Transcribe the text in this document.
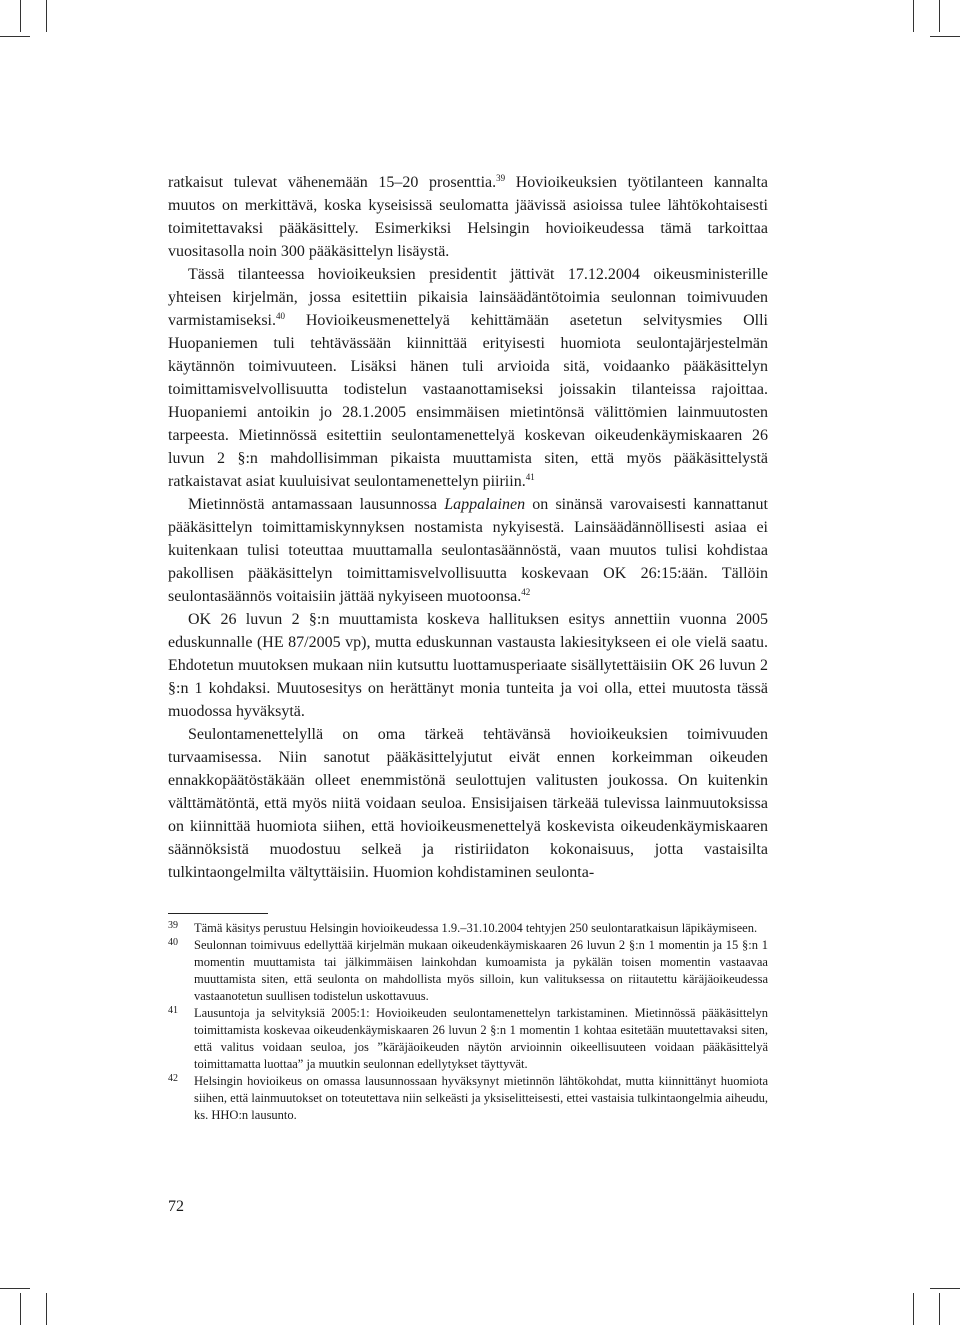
ratkaisut tulevat vähenemään 15–20 prosenttia.$^{39}$ Hovioikeuksien työtilanteen kannalta muutos on merkittävä, koska kyseisissä seulomatta jäävissä asioissa tulee lähtökohtaisesti toimitettavaksi pääkäsittely. Esimerkiksi Helsingin hovioikeudessa tämä tarkoittaa vuositasolla noin 300 pääkäsittelyn lisäystä.

Tässä tilanteessa hovioikeuksien presidentit jättivät 17.12.2004 oikeusministerille yhteisen kirjelmän, jossa esitettiin pikaisia lainsäädäntötoimia seulonnan toimivuuden varmistamiseksi.$^{40}$ Hovioikeusmenettelyä kehittämään asetetun selvitysmies Olli Huopaniemen tuli tehtävässään kiinnittää erityisesti huomiota seulontajärjestelmän käytännön toimivuuteen. Lisäksi hänen tuli arvioida sitä, voidaanko pääkäsittelyn toimittamisvelvollisuutta todistelun vastaanottamiseksi joissakin tilanteissa rajoittaa. Huopaniemi antoikin jo 28.1.2005 ensimmäisen mietintönsä välittömien lainmuutosten tarpeesta. Mietinnössä esitettiin seulontamenettelyä koskevan oikeudenkäymiskaaren 26 luvun 2 §:n mahdollisimman pikaista muuttamista siten, että myös pääkäsittelystä ratkaistavat asiat kuuluisivat seulontamenettelyn piiriin.$^{41}$

Mietinnöstä antamassaan lausunnossa Lappalainen on sinänsä varovaisesti kannattanut pääkäsittelyn toimittamiskynnyksen nostamista nykyisestä. Lainsäädännöllisesti asiaa ei kuitenkaan tulisi toteuttaa muuttamalla seulontasäännöstä, vaan muutos tulisi kohdistaa pakollisen pääkäsittelyn toimittamisvelvollisuutta koskevaan OK 26:15:ään. Tällöin seulontasäännös voitaisiin jättää nykyiseen muotoonsa.$^{42}$

OK 26 luvun 2 §:n muuttamista koskeva hallituksen esitys annettiin vuonna 2005 eduskunnalle (HE 87/2005 vp), mutta eduskunnan vastausta lakiesitykseen ei ole vielä saatu. Ehdotetun muutoksen mukaan niin kutsuttu luottamusperiaate sisällytettäisiin OK 26 luvun 2 §:n 1 kohdaksi. Muutosesitys on herättänyt monia tunteita ja voi olla, ettei muutosta tässä muodossa hyväksytä.

Seulontamenettelyllä on oma tärkeä tehtävänsä hovioikeuksien toimivuuden turvaamisessa. Niin sanotut pääkäsittelyjutut eivät ennen korkeimman oikeuden ennakkopäätöstäkään olleet enemmistönä seulottujen valitusten joukossa. On kuitenkin välttämätöntä, että myös niitä voidaan seuloa. Ensisijaisen tärkeää tulevissa lainmuutoksissa on kiinnittää huomiota siihen, että hovioikeusmenettelyä koskevista oikeudenkäymiskaaren säännöksistä muodostuu selkeä ja ristiriidaton kokonaisuus, jotta vastaisilta tulkintaongelmilta vältyttäisiin. Huomion kohdistaminen seulonta-

39 Tämä käsitys perustuu Helsingin hovioikeudessa 1.9.–31.10.2004 tehtyjen 250 seulontaratkaisun läpikäymiseen.
40 Seulonnan toimivuus edellyttää kirjelmän mukaan oikeudenkäymiskaaren 26 luvun 2 §:n 1 momentin ja 15 §:n 1 momentin muuttamista tai jälkimmäisen lainkohdan kumoamista ja pykälän toisen momentin vastaavaa muuttamista siten, että seulonta on mahdollista myös silloin, kun valituksessa on riitautettu käräjäoikeudessa vastaanotetun suullisen todistelun uskottavuus.
41 Lausuntoja ja selvityksiä 2005:1: Hovioikeuden seulontamenettelyn tarkistaminen. Mietinnössä pääkäsittelyn toimittamista koskevaa oikeudenkäymiskaaren 26 luvun 2 §:n 1 momentin 1 kohtaa esitetään muutettavaksi siten, että valitus voidaan seuloa, jos ”käräjäoikeuden näytön arvioinnin oikeellisuuteen voidaan pääkäsittelyä toimittamatta luottaa” ja muutkin seulonnan edellytykset täyttyvät.
42 Helsingin hovioikeus on omassa lausunnossaan hyväksynyt mietinnön lähtökohdat, mutta kiinnittänyt huomiota siihen, että lainmuutokset on toteutettava niin selkeästi ja yksiselitteisesti, ettei vastaisia tulkintaongelmia aiheudu, ks. HHO:n lausunto.
72
